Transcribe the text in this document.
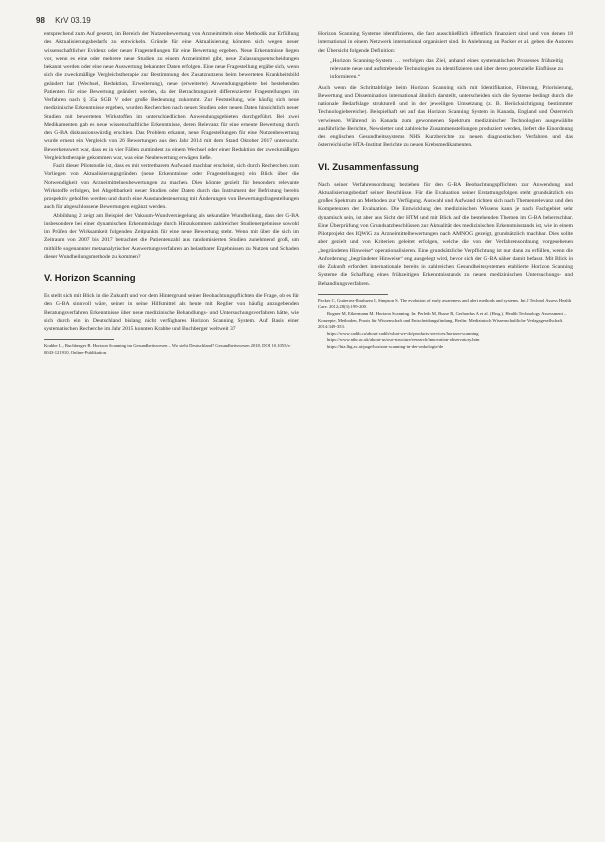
98 KrV 03.19

entsprechend zum Auf gesetzt, im Bereich der Nutzenbewertung von Arzneimitteln eine Methodik zur Erfüllung des Aktualisierungsbedarfs zu entwickeln. Gründe für eine Aktualisierung könnten sich wegen neuer wissenschaftlicher Evidenz oder neuer Fragestellungen für eine Bewertung ergeben. Neue Erkenntnisse liegen vor, wenn es eine oder mehrere neue Studien zu einem Arzneimittel gibt, neue Zulassungsentscheidungen bekannt werden oder eine neue Auswertung bekannter Daten erfolgen. Eine neue Fragestellung ergäbe sich, wenn sich die zweckmäßige Vergleichstherapie zur Bestimmung des Zusatznutzens beim bewerteten Krankheitsbild geändert hat (Wechsel, Reduktion, Erweiterung), neue (erweiterte) Anwendungsgebiete bei bestehenden Patienten für eine Bewertung geändert werden, da der Betrachtungszeit differenzierter Fragestellungen im Verfahren nach § 35a SGB V oder große Bedeutung zukommt. Zur Feststellung, wie häufig sich neue medizinische Erkenntnisse ergeben, wurden Recherchen nach neuen Studien oder neuen Daten hinsichtlich neuer Studien mit bewerteten Wirkstoffen im unterschiedlichen Anwendungsgebieten durchgeführt. Bei zwei Medikamenten gab es neue wissenschaftliche Erkenntnisse, deren Relevanz für eine erneute Bewertung durch den G-BA diskussionswürdig erschien. Das Problem erkannt, neue Fragestellungen für eine Nutzenbewertung wurde erneut ein Vergleich von 26 Bewertungen aus den Jahr 2014 mit dem Stand Oktober 2017 untersucht. Bewerkenswert war, dass es in vier Fällen zumindest zu einem Wechsel oder einer Reduktion der zweckmäßigen Vergleichstherapie gekommen war, was eine Neubewertung erwägen ließe.

Fazit dieser Pilotstudie ist, dass es mit vertretbarem Aufwand machbar erscheint, sich durch Recherchen zum Vorliegen von Aktualisierungsgründen (neue Erkenntnisse oder Fragestellungen) ein Blick über die Notwendigkeit von Arzneimittelneubewertungen zu machen. Dies könnte gezielt für besonders relevante Wirkstoffe erfolgen, bei Abgeltbarkeit neuer Studien oder Daten durch das Instrument der Befristung bereits prospektiv geholfen werden und durch eine Ausstandesteuerung mit Änderungen von Bewertungsfragestellungen auch für abgeschlossene Bewertungen ergänzt werden.

Abbildung 2 zeigt am Beispiel der Vakuum-Wundversiegelung als sekundäre Wundheilung, dass der G-BA insbesondere bei einer dynamischen Erkenntnislage durch Hinzukommen zahlreicher Studienergebnisse sowohl im Prüfen der Wirksamkeit folgenden Zeitpunkts für eine neue Bewertung steht. Wenn mit über die sich im Zeitraum von 2007 bis 2017 betrachtet die Patientenzahl aus randomisierten Studien zunehmend groß, um mithilfe sogenannter metaanalytischer Auswertungsverfahren an belastbarer Ergebnissen zu Nutzen und Schaden dieser Wundheilungsmethode zu kommen?

V. Horizon Scanning

Es stellt sich mit Blick in die Zukunft und vor dem Hintergrund seiner Beobachtungspflichten die Frage, ob es für den G-BA sinnvoll wäre, seiner in seine Hilfsmittel als heute mit Reglier von häufig anzugebenden Beratungsverfahren Erkenntnisse über neue medizinische Behandlungs- und Untersuchungsverfahren hätte, wie sich durch ein in Deutschland bislang nicht verfügbares Horizon Scanning System. Auf Basis einer systematischen Recherche im Jahr 2015 konnten Krabbe und Buchberger weltweit 37

Krabbe L., Buchberger B. Horizon Scanning im Gesundheitswesen – Wo steht Deutschland? Gesundheitswesen 2018, DOI 10.1055/s-0043-121910, Online-Publikation.

Horizon Scanning Systeme identifizieren, die fast ausschließlich öffentlich finanziert sind und von denen 18 international in einem Netzwerk international organisiert sind. In Anlehnung an Packer et al. geben die Autoren der Übersicht folgende Definition:

„Horizon Scanning-System … verfolgen das Ziel, anhand eines systematischen Prozesses frühzeitig relevante neue und aufstrebende Technologien zu identifizieren und über deren potenzielle Einflüsse zu informieren.“

Auch wenn die Schrittabfolge beim Horizon Scanning sich mit Identifikation, Filterung, Priorisierung, Bewertung und Dissemination international ähnlich darstellt, unterscheiden sich die Systeme bedingt durch die nationale Bedarfslage strukturell und in der jeweiligen Umsetzung (z. B. Berücksichtigung bestimmter Technologiebereiche). Beispielhaft sei auf das Horizon Scanning System in Kanada, England und Österreich verwiesen. Während in Kanada zum gewonnenen Spektrum medizinischer Technologien ausgewählte ausführliche Berichte, Newsletter und zahlreiche Zusammenstellungen produziert werden, liefert die Einordnung des englischen Gesundheitssystems NHS Kurzberichte zu neuen diagnostischen Verfahren und das österreichische HTA-Institut Berichte zu neuen Krebsmedikamenten.

VI. Zusammenfassung

Nach seiner Verfahrensordnung beziehen für den G-BA Beobachtungspflichten zur Anwendung und Aktualisierungsbedarf seiner Beschlüsse. Für die Evaluation seiner Erstattungsfolgen steht grundsätzlich ein großes Spektrum an Methoden zur Verfügung. Auswahl und Aufwand richten sich nach Themenrelevanz und den Kompetenzen der Evaluation. Die Entwicklung des medizinischen Wissens kann je nach Fachgebiet sehr dynamisch sein, ist aber aus Sicht der HTM und mit Blick auf die bestehenden Themen im G-BA beherrschbar. Eine Überprüfung von Grundsatzbeschlüssen zur Aktualität des medizinischen Erkenntnisstands ist, wie in einem Pilotprojekt des IQWiG zu Arzneimittelbewertungen nach AMNOG gezeigt, grundsätzlich machbar. Dies sollte aber gezielt und von Kriterien geleitet erfolgen, welche die von der Verfahrensordnung vorgesehenen „begründeten Hinweise“ operationalisieren. Eine grundsätzliche Verpflichtung ist nur dann zu erfüllen, wenn die Anforderung „begründeter Hinweise“ eng ausgelegt wird, bevor sich der G-BA näher damit befasst. Mit Blick in die Zukunft erfordert internationale bereits in zahlreichen Gesundheitssystemen etablierte Horizon Scanning Systeme die Schaffung eines frühzeitigen Erkenntnisstands zu neuen medizinischen Untersuchungs- und Behandlungsverfahren.

Packer C, Gutierrez-Ibarluzea I, Simpson S. The evolution of early awareness and alert methods and systems. Int J Technol Assess Health Care. 2012;28(3):199-200.

Bogner M, Eikermann M. Horizon Scanning. In: Perleth M, Busse R, Gerhardus A et al. (Hrsg.). Health Technology Assessment – Konzepte, Methoden, Praxis für Wissenschaft und Entscheidungsfindung. Berlin: Medizinisch Wissenschaftliche Verlagsgesellschaft. 2014:349-353.

https://www.cadth.ca/about-cadth/what-we-do/products-services/horizon-scanning

https://www.nihr.ac.uk/about-us/our-structure/research/innovation-observatory.htm

https://hta.lbg.ac.at/page/horizon-scanning-in-der-onkologie/de
